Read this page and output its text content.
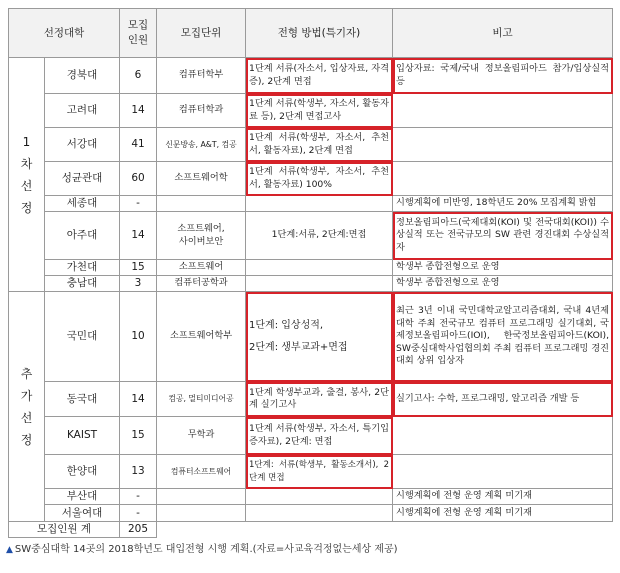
선정대학		모집
인원	모집단위	전형 방법(특기자)	비고

1
차
선
정	경북대	6	컴퓨터학부	1단계 서류(자소서, 입상자료, 자격증), 2단계 면접	입상자료: 국제/국내 정보올림피아드 참가/입상실적 등
	고려대	14	컴퓨터학과	1단계 서류(학생부, 자소서, 활동자료 등), 2단계 면접고사	
	서강대	41	신문방송, A&T, 컴공	1단계 서류(학생부, 자소서, 추천서, 활동자료), 2단계 면접	
	성균관대	60	소프트웨어학	1단계 서류(학생부, 자소서, 추천서, 활동자료) 100%	
	세종대	-			시행계획에 미반영, 18학년도 20% 모집계획 밝힘
	아주대	14	소프트웨어,
사이버보안	1단계:서류, 2단계:면접	정보올림피아드(국제대회(KOI) 및 전국대회(KOI)) 수상실적 또는 전국규모의 SW 관련 경진대회 수상실적자
	가천대	15	소프트웨어		학생부 종합전형으로 운영
	충남대	3	컴퓨터공학과		학생부 종합전형으로 운영

추
가
선
정	국민대	10	소프트웨어학부	1단계: 입상성적,
2단계: 생부교과+면접	최근 3년 이내 국민대학교알고리즘대회, 국내 4년제 대학 주최 전국규모 컴퓨터 프로그래밍 실기대회, 국제정보올림피아드(IOI), 한국정보올림피아드(KOI), SW중심대학사업협의회 주최 컴퓨터 프로그래밍 경진대회 상위 입상자
	동국대	14	컴공, 멀티미디어공	1단계 학생부교과, 출결, 봉사, 2단계 실기고사	실기고사: 수학, 프로그래밍, 알고리즘 개발 등
	KAIST	15	무학과	1단계 서류(학생부, 자소서, 특기입증자료), 2단계: 면접	
	한양대	13	컴퓨터소프트웨어	1단계: 서류(학생부, 활동소개서), 2단계 면접	
	부산대	-			시행계획에 전형 운영 계획 미기재
	서울여대	-			시행계획에 전형 운영 계획 미기재
모집인원 계		205			
▲ SW중심대학 14곳의 2018학년도 대입전형 시행 계획.(자료=사교육걱정없는세상 제공)
